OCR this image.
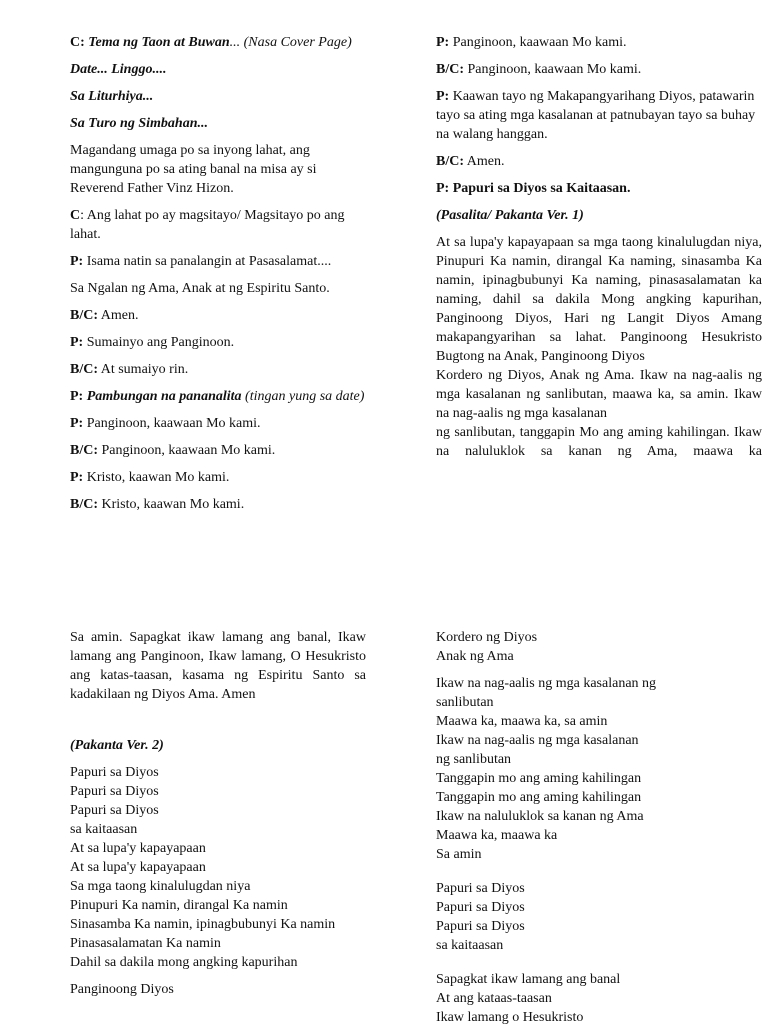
C: Tema ng Taon at Buwan... (Nasa Cover Page)
Date... Linggo....
Sa Liturhiya...
Sa Turo ng Simbahan...
Magandang umaga po sa inyong lahat, ang mangunguna po sa ating banal na misa ay si Reverend Father Vinz Hizon.
C: Ang lahat po ay magsitayo/ Magsitayo po ang lahat.
P: Isama natin sa panalangin at Pasasalamat....
Sa Ngalan ng Ama, Anak at ng Espiritu Santo.
B/C: Amen.
P: Sumainyo ang Panginoon.
B/C: At sumaiyo rin.
P: Pambungan na pananalita (tingan yung sa date)
P: Panginoon, kaawaan Mo kami.
B/C: Panginoon, kaawaan Mo kami.
P: Kristo, kaawan Mo kami.
B/C: Kristo, kaawan Mo kami.
P: Panginoon, kaawaan Mo kami.
B/C: Panginoon, kaawaan Mo kami.
P: Kaawan tayo ng Makapangyarihang Diyos, patawarin tayo sa ating mga kasalanan at patnubayan tayo sa buhay na walang hanggan.
B/C: Amen.
P: Papuri sa Diyos sa Kaitaasan.
(Pasalita/ Pakanta Ver. 1)
At sa lupa'y kapayapaan sa mga taong kinalulugdan niya, Pinupuri Ka namin, dirangal Ka naming, sinasamba Ka namin, ipinagbubunyi Ka naming, pinasasalamatan ka naming, dahil sa dakila Mong angking kapurihan, Panginoong Diyos, Hari ng Langit Diyos Amang makapangyarihan sa lahat. Panginoong Hesukristo Bugtong na Anak, Panginoong Diyos
Kordero ng Diyos, Anak ng Ama. Ikaw na nag-aalis ng mga kasalanan ng sanlibutan, maawa ka, sa amin. Ikaw na nag-aalis ng mga kasalanan
ng sanlibutan, tanggapin Mo ang aming kahilingan. Ikaw na naluluklok sa kanan ng Ama, maawa ka
Sa amin. Sapagkat ikaw lamang ang banal, Ikaw lamang ang Panginoon, Ikaw lamang, O Hesukristo ang katas-taasan, kasama ng Espiritu Santo sa kadakilaan ng Diyos Ama. Amen
(Pakanta Ver. 2)
Papuri sa Diyos
Papuri sa Diyos
Papuri sa Diyos
sa kaitaasan
At sa lupa'y kapayapaan
At sa lupa'y kapayapaan
Sa mga taong kinalulugdan niya
Pinupuri Ka namin, dirangal Ka namin
Sinasamba Ka namin, ipinagbubunyi Ka namin
Pinasasalamatan Ka namin
Dahil sa dakila mong angking kapurihan
Panginoong Diyos
Kordero ng Diyos
Anak ng Ama
Ikaw na nag-aalis ng mga kasalanan ng
sanlibutan
Maawa ka, maawa ka, sa amin
Ikaw na nag-aalis ng mga kasalanan
ng sanlibutan
Tanggapin mo ang aming kahilingan
Tanggapin mo ang aming kahilingan
Ikaw na naluluklok sa kanan ng Ama
Maawa ka, maawa ka
Sa amin
Papuri sa Diyos
Papuri sa Diyos
Papuri sa Diyos
sa kaitaasan
Sapagkat ikaw lamang ang banal
At ang kataas-taasan
Ikaw lamang o Hesukristo
